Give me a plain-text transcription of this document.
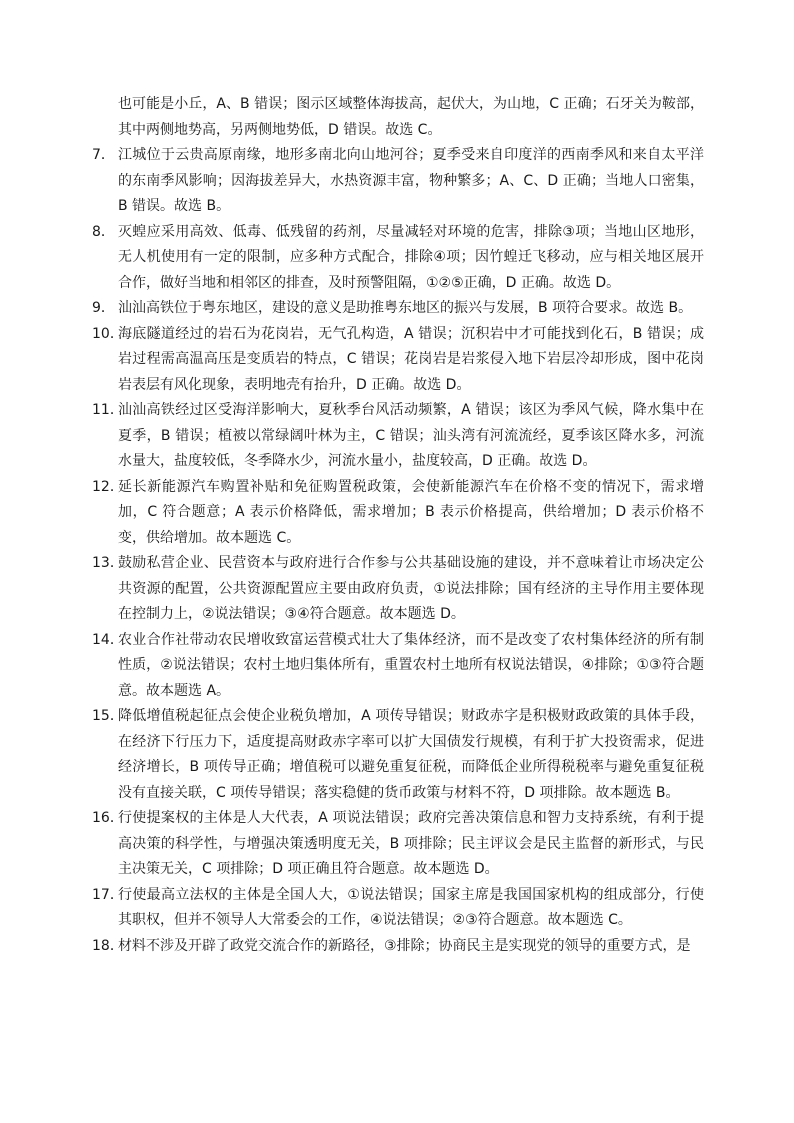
也可能是小丘，A、B 错误；图示区域整体海拔高，起伏大，为山地，C 正确；石牙关为鞍部，其中两侧地势高，另两侧地势低，D 错误。故选 C。
7． 江城位于云贵高原南缘，地形多南北向山地河谷；夏季受来自印度洋的西南季风和来自太平洋的东南季风影响；因海拔差异大，水热资源丰富，物种繁多；A、C、D 正确；当地人口密集，B 错误。故选 B。
8． 灭蝗应采用高效、低毒、低残留的药剂，尽量减轻对环境的危害，排除③项；当地山区地形，无人机使用有一定的限制，应多种方式配合，排除④项；因竹蝗迁飞移动，应与相关地区展开合作，做好当地和相邻区的排查，及时预警阻隔，①②⑤正确，D 正确。故选 D。
9． 汕汕高铁位于粤东地区，建设的意义是助推粤东地区的振兴与发展，B 项符合要求。故选 B。
10．
海底隧道经过的岩石为花岗岩，无气孔构造，A 错误；沉积岩中才可能找到化石，B 错误；成岩过程需高温高压是变质岩的特点，C 错误；花岗岩是岩浆侵入地下岩层冷却形成，图中花岗岩表层有风化现象，表明地壳有抬升，D 正确。故选 D。
11．
汕汕高铁经过区受海洋影响大，夏秋季台风活动频繁，A 错误；该区为季风气候，降水集中在夏季，B 错误；植被以常绿阔叶林为主，C 错误；汕头湾有河流流经，夏季该区降水多，河流水量大，盐度较低，冬季降水少，河流水量小，盐度较高，D 正确。故选 D。
12．
延长新能源汽车购置补贴和免征购置税政策，会使新能源汽车在价格不变的情况下，需求增加，C 符合题意；A 表示价格降低，需求增加；B 表示价格提高，供给增加；D 表示价格不变，供给增加。故本题选 C。
13．
鼓励私营企业、民营资本与政府进行合作参与公共基础设施的建设，并不意味着让市场决定公共资源的配置，公共资源配置应主要由政府负责，①说法排除；国有经济的主导作用主要体现在控制力上，②说法错误；③④符合题意。故本题选 D。
14．
农业合作社带动农民增收致富运营模式壮大了集体经济，而不是改变了农村集体经济的所有制性质，②说法错误；农村土地归集体所有，重置农村土地所有权说法错误，④排除；①③符合题意。故本题选 A。
15．
降低增值税起征点会使企业税负增加，A 项传导错误；财政赤字是积极财政政策的具体手段，在经济下行压力下，适度提高财政赤字率可以扩大国债发行规模，有利于扩大投资需求，促进经济增长，B 项传导正确；增值税可以避免重复征税，而降低企业所得税税率与避免重复征税没有直接关联，C 项传导错误；落实稳健的货币政策与材料不符，D 项排除。故本题选 B。
16．
行使提案权的主体是人大代表，A 项说法错误；政府完善决策信息和智力支持系统，有利于提高决策的科学性，与增强决策透明度无关，B 项排除；民主评议会是民主监督的新形式，与民主决策无关，C 项排除；D 项正确且符合题意。故本题选 D。
17．
行使最高立法权的主体是全国人大，①说法错误；国家主席是我国国家机构的组成部分，行使其职权，但并不领导人大常委会的工作，④说法错误；②③符合题意。故本题选 C。
18．
材料不涉及开辟了政党交流合作的新路径，③排除；协商民主是实现党的领导的重要方式，是
